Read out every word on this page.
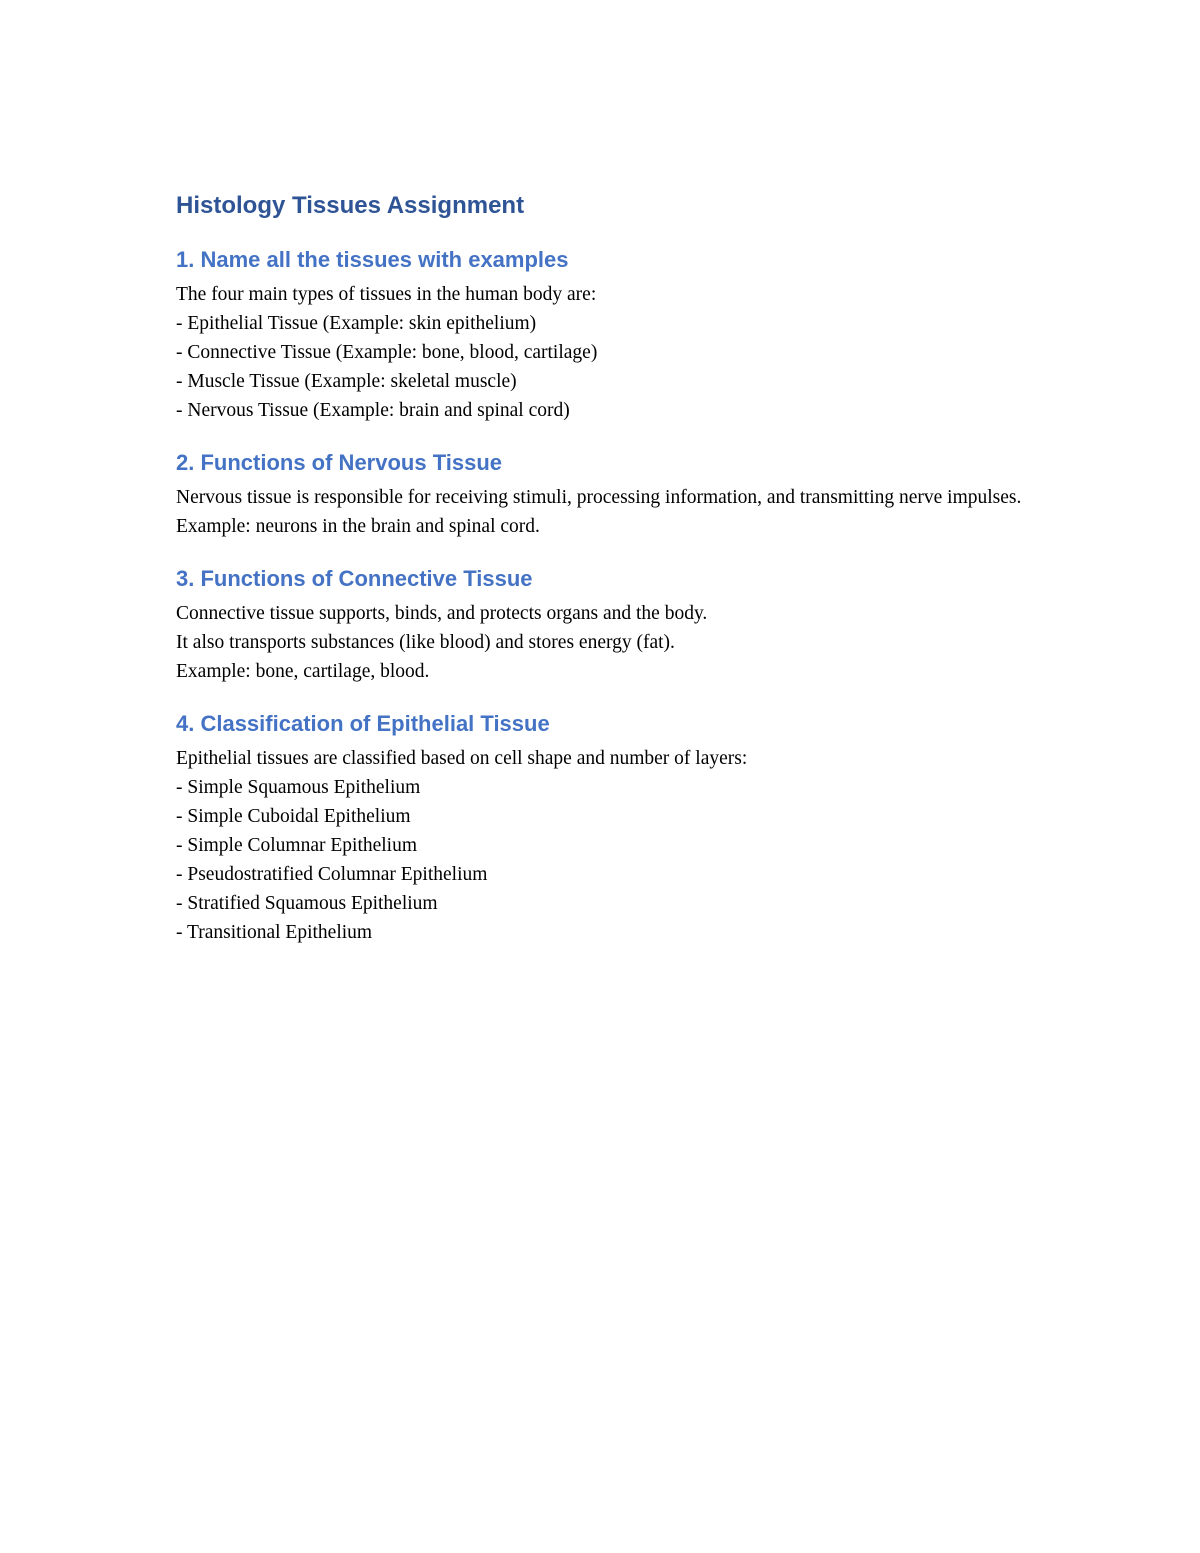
Histology Tissues Assignment
1. Name all the tissues with examples

The four main types of tissues in the human body are:

- Epithelial Tissue (Example: skin epithelium)

- Connective Tissue (Example: bone, blood, cartilage)

- Muscle Tissue (Example: skeletal muscle)

- Nervous Tissue (Example: brain and spinal cord)

2. Functions of Nervous Tissue

Nervous tissue is responsible for receiving stimuli, processing information, and transmitting nerve impulses.

Example: neurons in the brain and spinal cord.

3. Functions of Connective Tissue

Connective tissue supports, binds, and protects organs and the body.

It also transports substances (like blood) and stores energy (fat).

Example: bone, cartilage, blood.

4. Classification of Epithelial Tissue

Epithelial tissues are classified based on cell shape and number of layers:

- Simple Squamous Epithelium

- Simple Cuboidal Epithelium

- Simple Columnar Epithelium

- Pseudostratified Columnar Epithelium

- Stratified Squamous Epithelium

- Transitional Epithelium
